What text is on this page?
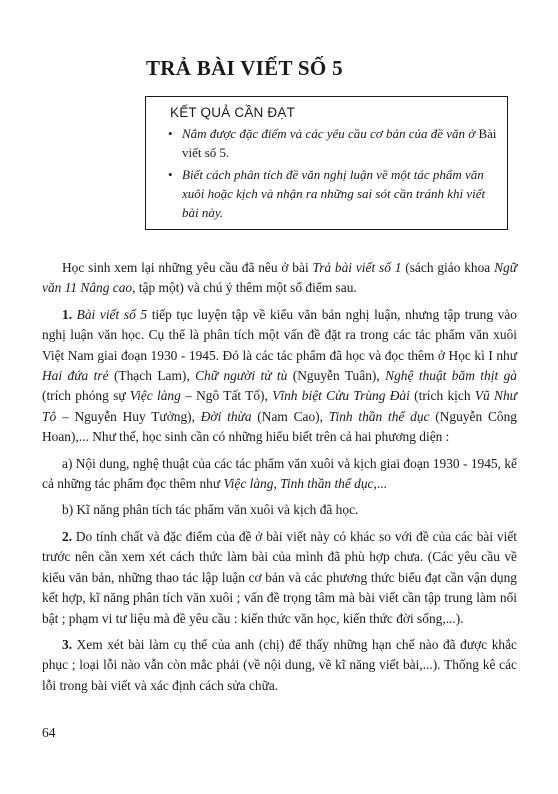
TRẢ BÀI VIẾT SỐ 5
KẾT QUẢ CẦN ĐẠT
• Nắm được đặc điểm và các yêu cầu cơ bản của đề văn ở Bài viết số 5.
• Biết cách phân tích đề văn nghị luận về một tác phẩm văn xuôi hoặc kịch và nhận ra những sai sót cần tránh khi viết bài này.

Học sinh xem lại những yêu cầu đã nêu ở bài Trả bài viết số 1 (sách giáo khoa Ngữ văn 11 Nâng cao, tập một) và chú ý thêm một số điểm sau.

1. Bài viết số 5 tiếp tục luyện tập về kiểu văn bản nghị luận, nhưng tập trung vào nghị luận văn học. Cụ thể là phân tích một vấn đề đặt ra trong các tác phẩm văn xuôi Việt Nam giai đoạn 1930 - 1945. Đó là các tác phẩm đã học và đọc thêm ở Học kì I như Hai đứa trẻ (Thạch Lam), Chữ người tử tù (Nguyễn Tuân), Nghệ thuật băm thịt gà (trích phóng sự Việc làng – Ngô Tất Tố), Vĩnh biệt Cửu Trùng Đài (trích kịch Vũ Như Tô – Nguyễn Huy Tưởng), Đời thừa (Nam Cao), Tinh thần thể dục (Nguyễn Công Hoan),... Như thế, học sinh cần có những hiểu biết trên cả hai phương diện :

a) Nội dung, nghệ thuật của các tác phẩm văn xuôi và kịch giai đoạn 1930 - 1945, kể cả những tác phẩm đọc thêm như Việc làng, Tinh thần thể dục,...

b) Kĩ năng phân tích tác phẩm văn xuôi và kịch đã học.

2. Do tính chất và đặc điểm của đề ở bài viết này có khác so với đề của các bài viết trước nên cần xem xét cách thức làm bài của mình đã phù hợp chưa. (Các yêu cầu về kiểu văn bản, những thao tác lập luận cơ bản và các phương thức biểu đạt cần vận dụng kết hợp, kĩ năng phân tích văn xuôi ; vấn đề trọng tâm mà bài viết cần tập trung làm nổi bật ; phạm vi tư liệu mà đề yêu cầu : kiến thức văn học, kiến thức đời sống,...).

3. Xem xét bài làm cụ thể của anh (chị) để thấy những hạn chế nào đã được khắc phục ; loại lỗi nào vẫn còn mắc phải (về nội dung, về kĩ năng viết bài,...). Thống kê các lỗi trong bài viết và xác định cách sửa chữa.

64
